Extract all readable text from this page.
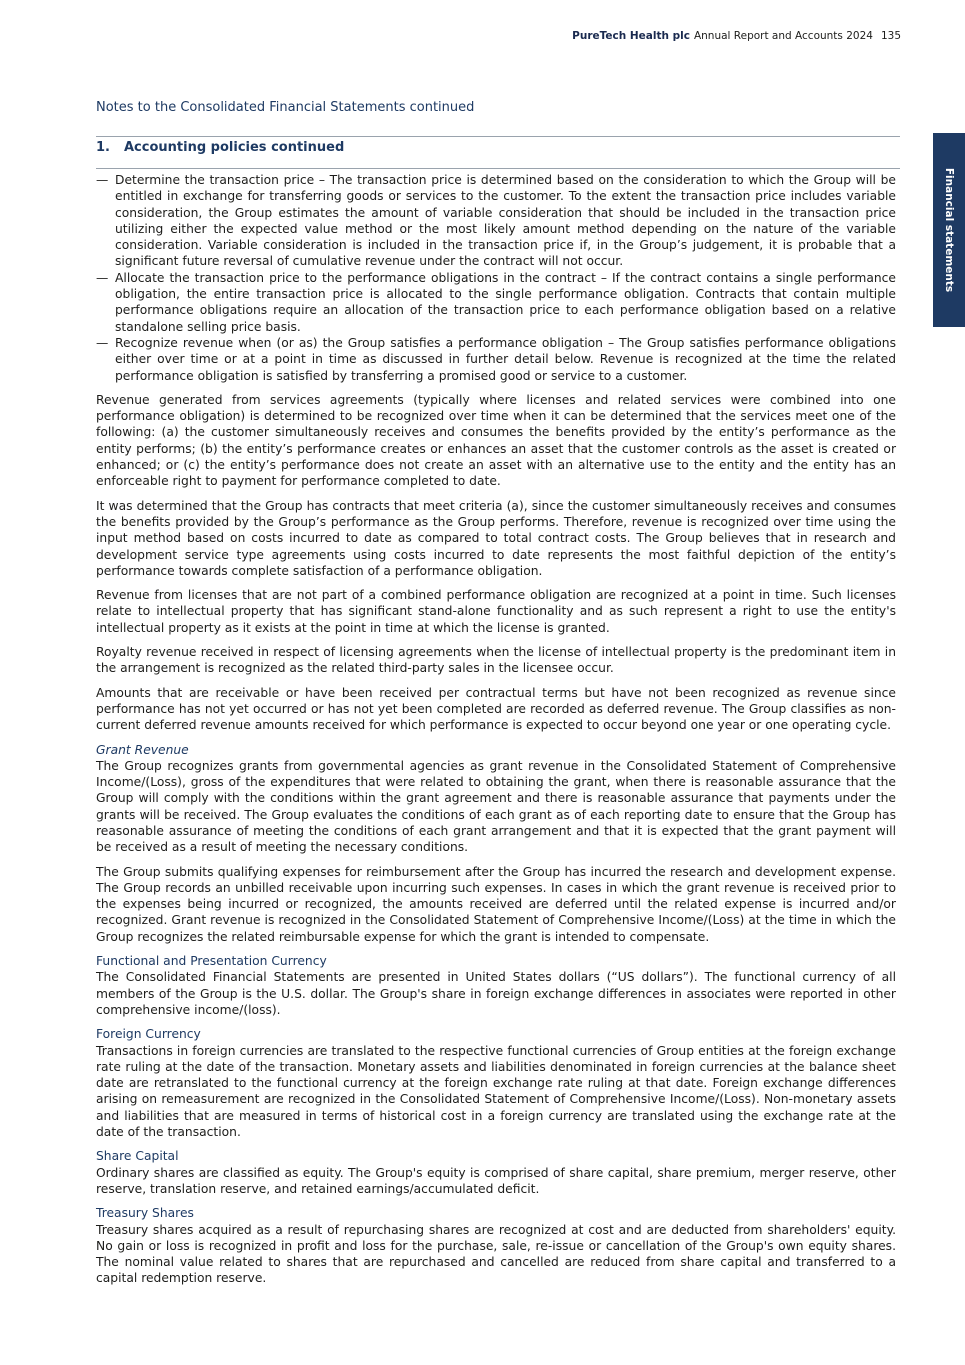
PureTech Health plc Annual Report and Accounts 2024 135
Financial statements
Notes to the Consolidated Financial Statements continued
1. Accounting policies continued
— Determine the transaction price – The transaction price is determined based on the consideration to which the Group will be entitled in exchange for transferring goods or services to the customer. To the extent the transaction price includes variable consideration, the Group estimates the amount of variable consideration that should be included in the transaction price utilizing either the expected value method or the most likely amount method depending on the nature of the variable consideration. Variable consideration is included in the transaction price if, in the Group’s judgement, it is probable that a significant future reversal of cumulative revenue under the contract will not occur.
— Allocate the transaction price to the performance obligations in the contract – If the contract contains a single performance obligation, the entire transaction price is allocated to the single performance obligation. Contracts that contain multiple performance obligations require an allocation of the transaction price to each performance obligation based on a relative standalone selling price basis.
— Recognize revenue when (or as) the Group satisfies a performance obligation – The Group satisfies performance obligations either over time or at a point in time as discussed in further detail below. Revenue is recognized at the time the related performance obligation is satisfied by transferring a promised good or service to a customer.

Revenue generated from services agreements (typically where licenses and related services were combined into one performance obligation) is determined to be recognized over time when it can be determined that the services meet one of the following: (a) the customer simultaneously receives and consumes the benefits provided by the entity’s performance as the entity performs; (b) the entity’s performance creates or enhances an asset that the customer controls as the asset is created or enhanced; or (c) the entity’s performance does not create an asset with an alternative use to the entity and the entity has an enforceable right to payment for performance completed to date.

It was determined that the Group has contracts that meet criteria (a), since the customer simultaneously receives and consumes the benefits provided by the Group’s performance as the Group performs. Therefore, revenue is recognized over time using the input method based on costs incurred to date as compared to total contract costs. The Group believes that in research and development service type agreements using costs incurred to date represents the most faithful depiction of the entity’s performance towards complete satisfaction of a performance obligation.

Revenue from licenses that are not part of a combined performance obligation are recognized at a point in time. Such licenses relate to intellectual property that has significant stand-alone functionality and as such represent a right to use the entity's intellectual property as it exists at the point in time at which the license is granted.

Royalty revenue received in respect of licensing agreements when the license of intellectual property is the predominant item in the arrangement is recognized as the related third-party sales in the licensee occur.

Amounts that are receivable or have been received per contractual terms but have not been recognized as revenue since performance has not yet occurred or has not yet been completed are recorded as deferred revenue. The Group classifies as non-current deferred revenue amounts received for which performance is expected to occur beyond one year or one operating cycle.

Grant Revenue

The Group recognizes grants from governmental agencies as grant revenue in the Consolidated Statement of Comprehensive Income/(Loss), gross of the expenditures that were related to obtaining the grant, when there is reasonable assurance that the Group will comply with the conditions within the grant agreement and there is reasonable assurance that payments under the grants will be received. The Group evaluates the conditions of each grant as of each reporting date to ensure that the Group has reasonable assurance of meeting the conditions of each grant arrangement and that it is expected that the grant payment will be received as a result of meeting the necessary conditions.

The Group submits qualifying expenses for reimbursement after the Group has incurred the research and development expense. The Group records an unbilled receivable upon incurring such expenses. In cases in which the grant revenue is received prior to the expenses being incurred or recognized, the amounts received are deferred until the related expense is incurred and/or recognized. Grant revenue is recognized in the Consolidated Statement of Comprehensive Income/(Loss) at the time in which the Group recognizes the related reimbursable expense for which the grant is intended to compensate.

Functional and Presentation Currency
The Consolidated Financial Statements are presented in United States dollars (“US dollars”). The functional currency of all members of the Group is the U.S. dollar. The Group's share in foreign exchange differences in associates were reported in other comprehensive income/(loss).
Foreign Currency
Transactions in foreign currencies are translated to the respective functional currencies of Group entities at the foreign exchange rate ruling at the date of the transaction. Monetary assets and liabilities denominated in foreign currencies at the balance sheet date are retranslated to the functional currency at the foreign exchange rate ruling at that date. Foreign exchange differences arising on remeasurement are recognized in the Consolidated Statement of Comprehensive Income/(Loss). Non-monetary assets and liabilities that are measured in terms of historical cost in a foreign currency are translated using the exchange rate at the date of the transaction.
Share Capital
Ordinary shares are classified as equity. The Group's equity is comprised of share capital, share premium, merger reserve, other reserve, translation reserve, and retained earnings/accumulated deficit.
Treasury Shares
Treasury shares acquired as a result of repurchasing shares are recognized at cost and are deducted from shareholders' equity. No gain or loss is recognized in profit and loss for the purchase, sale, re-issue or cancellation of the Group's own equity shares. The nominal value related to shares that are repurchased and cancelled are reduced from share capital and transferred to a capital redemption reserve.
